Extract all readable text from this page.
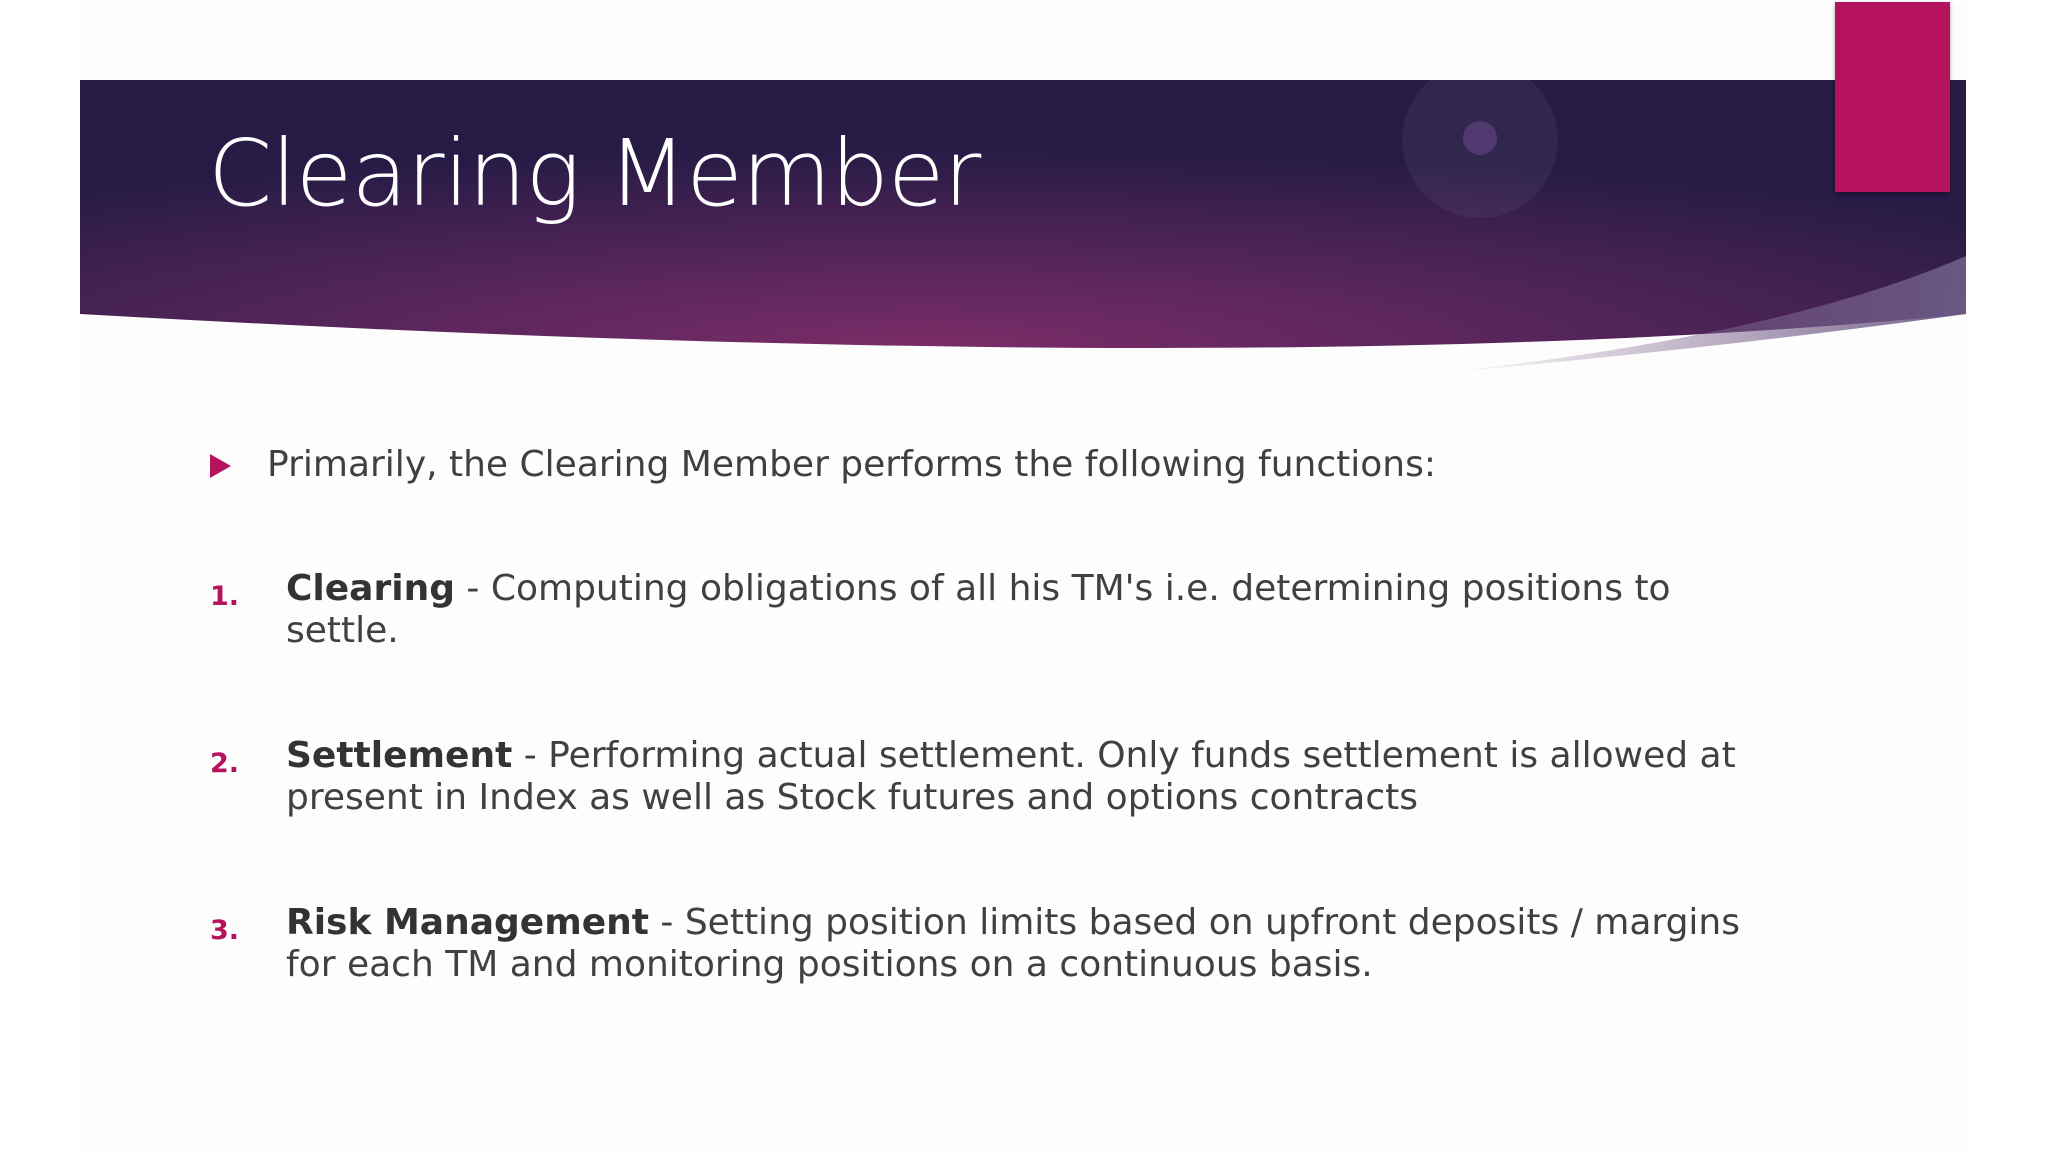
Clearing Member
Primarily, the Clearing Member performs the following functions:
1.	Clearing - Computing obligations of all his TM's i.e. determining positions to settle.
2.	Settlement - Performing actual settlement. Only funds settlement is allowed at present in Index as well as Stock futures and options contracts
3.	Risk Management - Setting position limits based on upfront deposits / margins for each TM and monitoring positions on a continuous basis.
